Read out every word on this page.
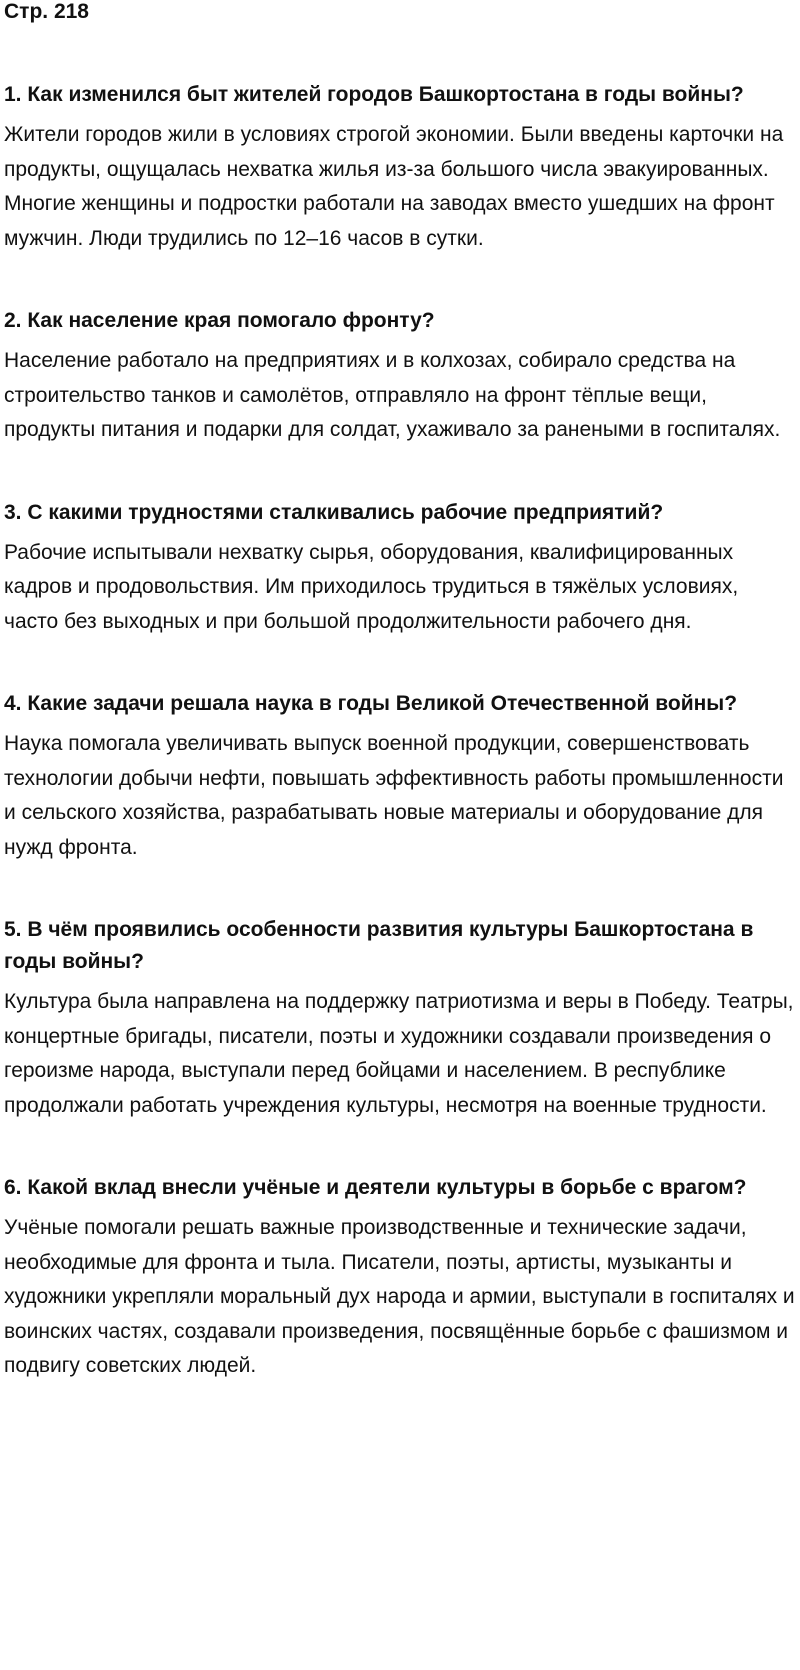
Стр. 218
1. Как изменился быт жителей городов Башкортостана в годы войны?
Жители городов жили в условиях строгой экономии. Были введены карточки на продукты, ощущалась нехватка жилья из-за большого числа эвакуированных. Многие женщины и подростки работали на заводах вместо ушедших на фронт мужчин. Люди трудились по 12–16 часов в сутки.
2. Как население края помогало фронту?
Население работало на предприятиях и в колхозах, собирало средства на строительство танков и самолётов, отправляло на фронт тёплые вещи, продукты питания и подарки для солдат, ухаживало за ранеными в госпиталях.
3. С какими трудностями сталкивались рабочие предприятий?
Рабочие испытывали нехватку сырья, оборудования, квалифицированных кадров и продовольствия. Им приходилось трудиться в тяжёлых условиях, часто без выходных и при большой продолжительности рабочего дня.
4. Какие задачи решала наука в годы Великой Отечественной войны?
Наука помогала увеличивать выпуск военной продукции, совершенствовать технологии добычи нефти, повышать эффективность работы промышленности и сельского хозяйства, разрабатывать новые материалы и оборудование для нужд фронта.
5. В чём проявились особенности развития культуры Башкортостана в годы войны?
Культура была направлена на поддержку патриотизма и веры в Победу. Театры, концертные бригады, писатели, поэты и художники создавали произведения о героизме народа, выступали перед бойцами и населением. В республике продолжали работать учреждения культуры, несмотря на военные трудности.
6. Какой вклад внесли учёные и деятели культуры в борьбе с врагом?
Учёные помогали решать важные производственные и технические задачи, необходимые для фронта и тыла. Писатели, поэты, артисты, музыканты и художники укрепляли моральный дух народа и армии, выступали в госпиталях и воинских частях, создавали произведения, посвящённые борьбе с фашизмом и подвигу советских людей.
